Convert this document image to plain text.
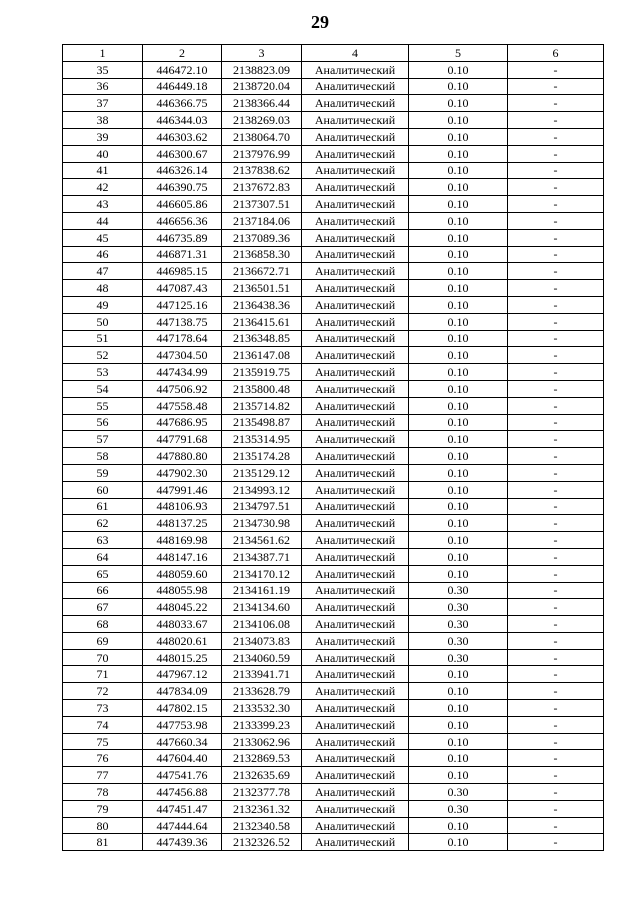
29
1	2	3	4	5	6
35	446472.10	2138823.09	Аналитический	0.10	-
36	446449.18	2138720.04	Аналитический	0.10	-
37	446366.75	2138366.44	Аналитический	0.10	-
38	446344.03	2138269.03	Аналитический	0.10	-
39	446303.62	2138064.70	Аналитический	0.10	-
40	446300.67	2137976.99	Аналитический	0.10	-
41	446326.14	2137838.62	Аналитический	0.10	-
42	446390.75	2137672.83	Аналитический	0.10	-
43	446605.86	2137307.51	Аналитический	0.10	-
44	446656.36	2137184.06	Аналитический	0.10	-
45	446735.89	2137089.36	Аналитический	0.10	-
46	446871.31	2136858.30	Аналитический	0.10	-
47	446985.15	2136672.71	Аналитический	0.10	-
48	447087.43	2136501.51	Аналитический	0.10	-
49	447125.16	2136438.36	Аналитический	0.10	-
50	447138.75	2136415.61	Аналитический	0.10	-
51	447178.64	2136348.85	Аналитический	0.10	-
52	447304.50	2136147.08	Аналитический	0.10	-
53	447434.99	2135919.75	Аналитический	0.10	-
54	447506.92	2135800.48	Аналитический	0.10	-
55	447558.48	2135714.82	Аналитический	0.10	-
56	447686.95	2135498.87	Аналитический	0.10	-
57	447791.68	2135314.95	Аналитический	0.10	-
58	447880.80	2135174.28	Аналитический	0.10	-
59	447902.30	2135129.12	Аналитический	0.10	-
60	447991.46	2134993.12	Аналитический	0.10	-
61	448106.93	2134797.51	Аналитический	0.10	-
62	448137.25	2134730.98	Аналитический	0.10	-
63	448169.98	2134561.62	Аналитический	0.10	-
64	448147.16	2134387.71	Аналитический	0.10	-
65	448059.60	2134170.12	Аналитический	0.10	-
66	448055.98	2134161.19	Аналитический	0.30	-
67	448045.22	2134134.60	Аналитический	0.30	-
68	448033.67	2134106.08	Аналитический	0.30	-
69	448020.61	2134073.83	Аналитический	0.30	-
70	448015.25	2134060.59	Аналитический	0.30	-
71	447967.12	2133941.71	Аналитический	0.10	-
72	447834.09	2133628.79	Аналитический	0.10	-
73	447802.15	2133532.30	Аналитический	0.10	-
74	447753.98	2133399.23	Аналитический	0.10	-
75	447660.34	2133062.96	Аналитический	0.10	-
76	447604.40	2132869.53	Аналитический	0.10	-
77	447541.76	2132635.69	Аналитический	0.10	-
78	447456.88	2132377.78	Аналитический	0.30	-
79	447451.47	2132361.32	Аналитический	0.30	-
80	447444.64	2132340.58	Аналитический	0.10	-
81	447439.36	2132326.52	Аналитический	0.10	-
